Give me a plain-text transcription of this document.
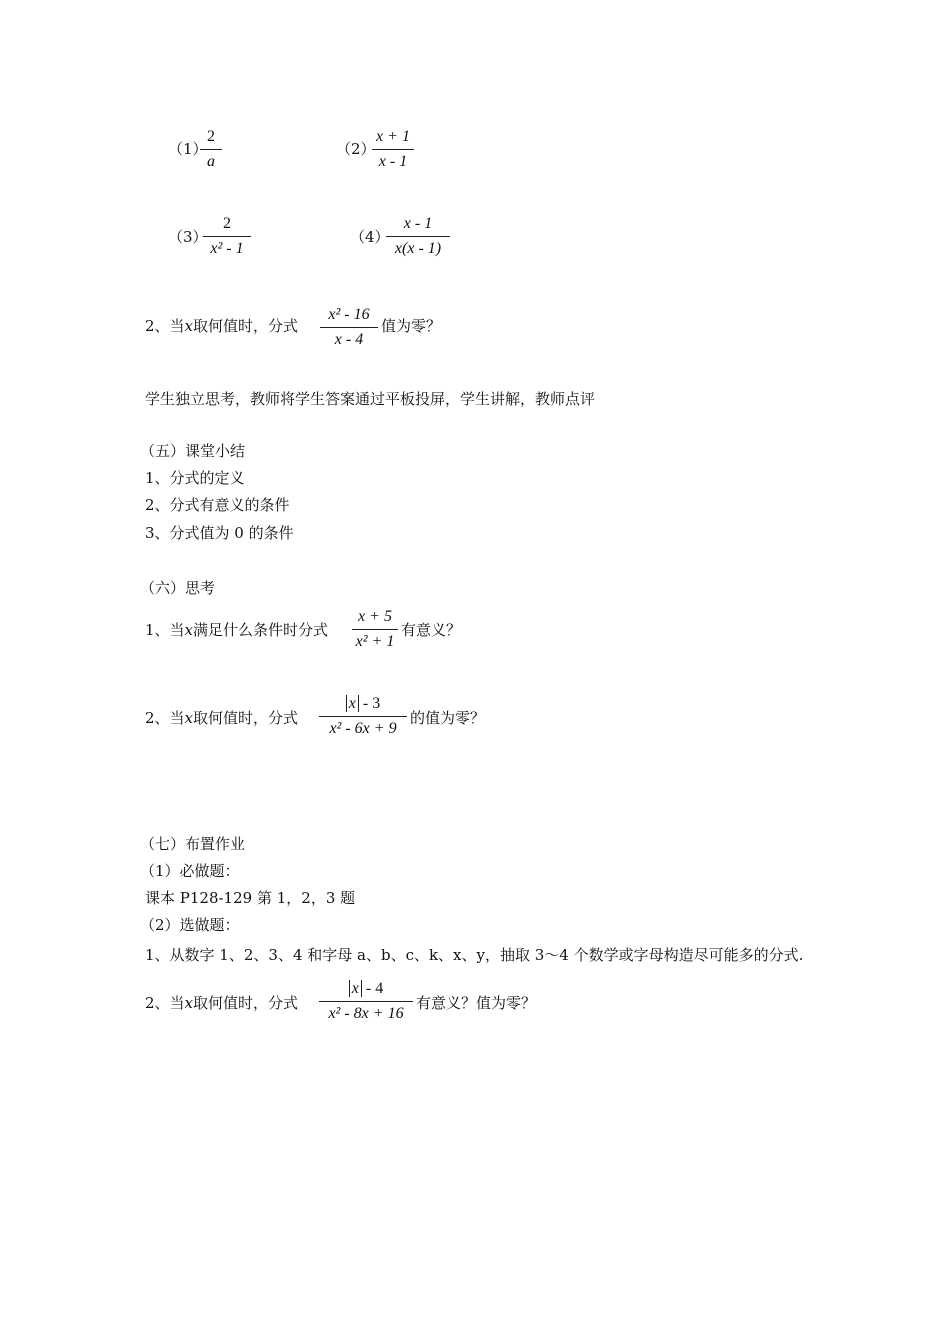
（1）
2
a
（2）
x + 1
x - 1
（3）
2
x² - 1
（4）
x - 1
x(x - 1)
2、当x取何值时，分式
x² - 16
x - 4
值为零？
学生独立思考，教师将学生答案通过平板投屏，学生讲解，教师点评
（五）课堂小结
1、分式的定义
2、分式有意义的条件
3、分式值为 0 的条件
（六）思考
1、当x满足什么条件时分式
x + 5
x² + 1
有意义？
2、当x取何值时，分式
x - 3
x² - 6x + 9
的值为零？
（七）布置作业
（1）必做题：
课本 P128-129 第 1，2，3 题
（2）选做题：
1、从数字 1、2、3、4 和字母 a、b、c、k、x、y，抽取 3～4 个数学或字母构造尽可能多的分式.
2、当x取何值时，分式
x - 4
x² - 8x + 16
有意义？值为零？
